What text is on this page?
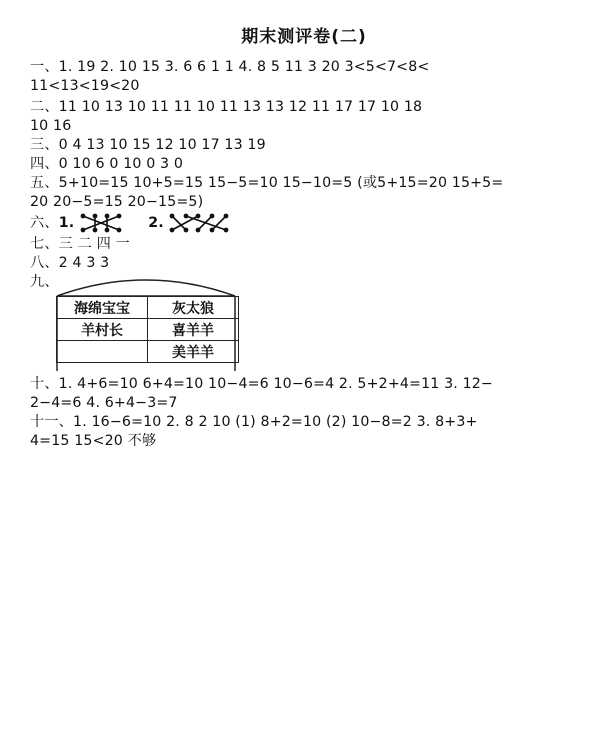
期末测评卷(二)
一、1. 19 2. 10 15 3. 6 6 1 1 4. 8 5 11 3 20 3<5<7<8<
11<13<19<20
二、11 10 13 10 11 11 10 11 13 13 12 11 17 17 10 18
10 16
三、0 4 13 10 15 12 10 17 13 19
四、0 10 6 0 10 0 3 0
五、5+10=15 10+5=15 15−5=10 15−10=5 (或5+15=20 15+5=
20 20−5=15 20−15=5)
六、1.	2.
七、三 二 四 一
八、2 4 3 3
九、
海绵宝宝	灰太狼
羊村长	喜羊羊
	美羊羊
十、1. 4+6=10 6+4=10 10−4=6 10−6=4 2. 5+2+4=11 3. 12−
2−4=6 4. 6+4−3=7
十一、1. 16−6=10 2. 8 2 10 (1) 8+2=10 (2) 10−8=2 3. 8+3+
4=15 15<20 不够
